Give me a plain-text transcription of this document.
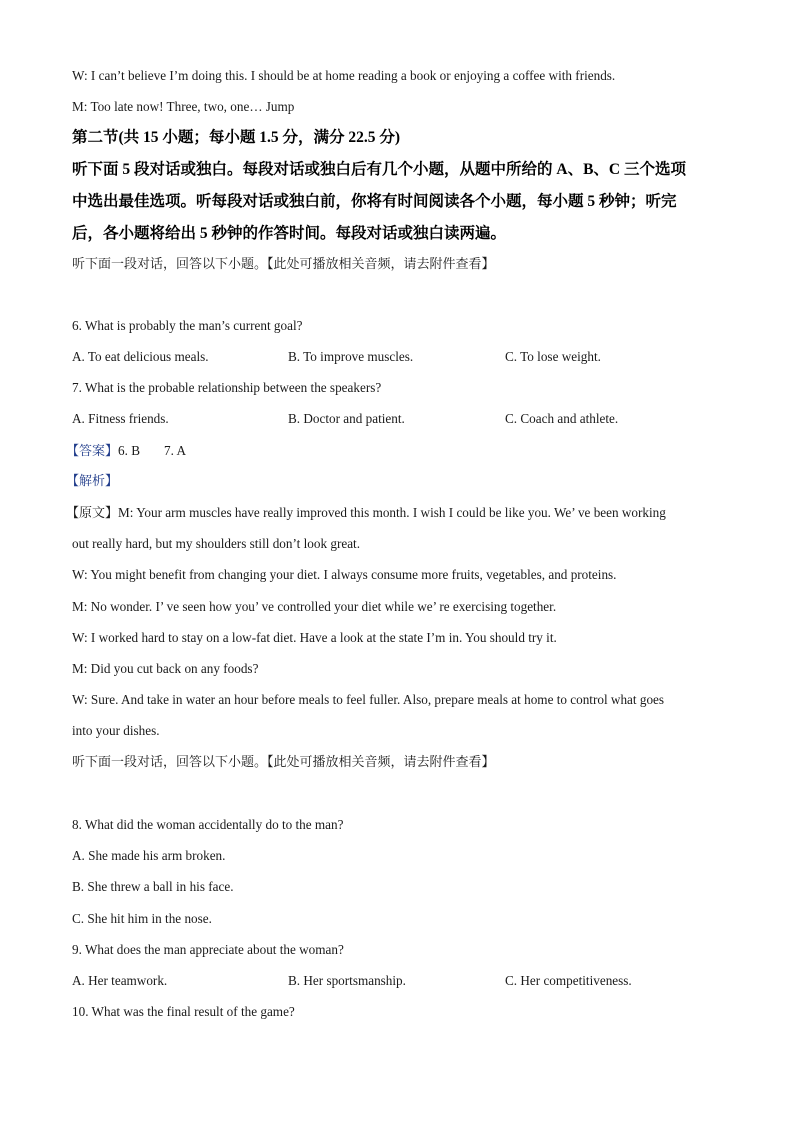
W: I can’t believe I’m doing this. I should be at home reading a book or enjoying a coffee with friends.
M: Too late now! Three, two, one… Jump
第二节(共 15 小题；每小题 1.5 分，满分 22.5 分)
听下面 5 段对话或独白。每段对话或独白后有几个小题，从题中所给的 A、B、C 三个选项
中选出最佳选项。听每段对话或独白前，你将有时间阅读各个小题，每小题 5 秒钟；听完
后，各小题将给出 5 秒钟的作答时间。每段对话或独白读两遍。
听下面一段对话，回答以下小题。【此处可播放相关音频，请去附件查看】
6. What is probably the man’s current goal?
A. To eat delicious meals.	B. To improve muscles.	C. To lose weight.
7. What is the probable relationship between the speakers?
A. Fitness friends.	B. Doctor and patient.	C. Coach and athlete.
【答案】6. B 7. A
【解析】
【原文】M: Your arm muscles have really improved this month. I wish I could be like you. We’ ve been working
out really hard, but my shoulders still don’t look great.
W: You might benefit from changing your diet. I always consume more fruits, vegetables, and proteins.
M: No wonder. I’ ve seen how you’ ve controlled your diet while we’ re exercising together.
W: I worked hard to stay on a low-fat diet. Have a look at the state I’m in. You should try it.
M: Did you cut back on any foods?
W: Sure. And take in water an hour before meals to feel fuller. Also, prepare meals at home to control what goes
into your dishes.
听下面一段对话，回答以下小题。【此处可播放相关音频，请去附件查看】
8. What did the woman accidentally do to the man?
A. She made his arm broken.
B. She threw a ball in his face.
C. She hit him in the nose.
9. What does the man appreciate about the woman?
A. Her teamwork.	B. Her sportsmanship.	C. Her competitiveness.
10. What was the final result of the game?
